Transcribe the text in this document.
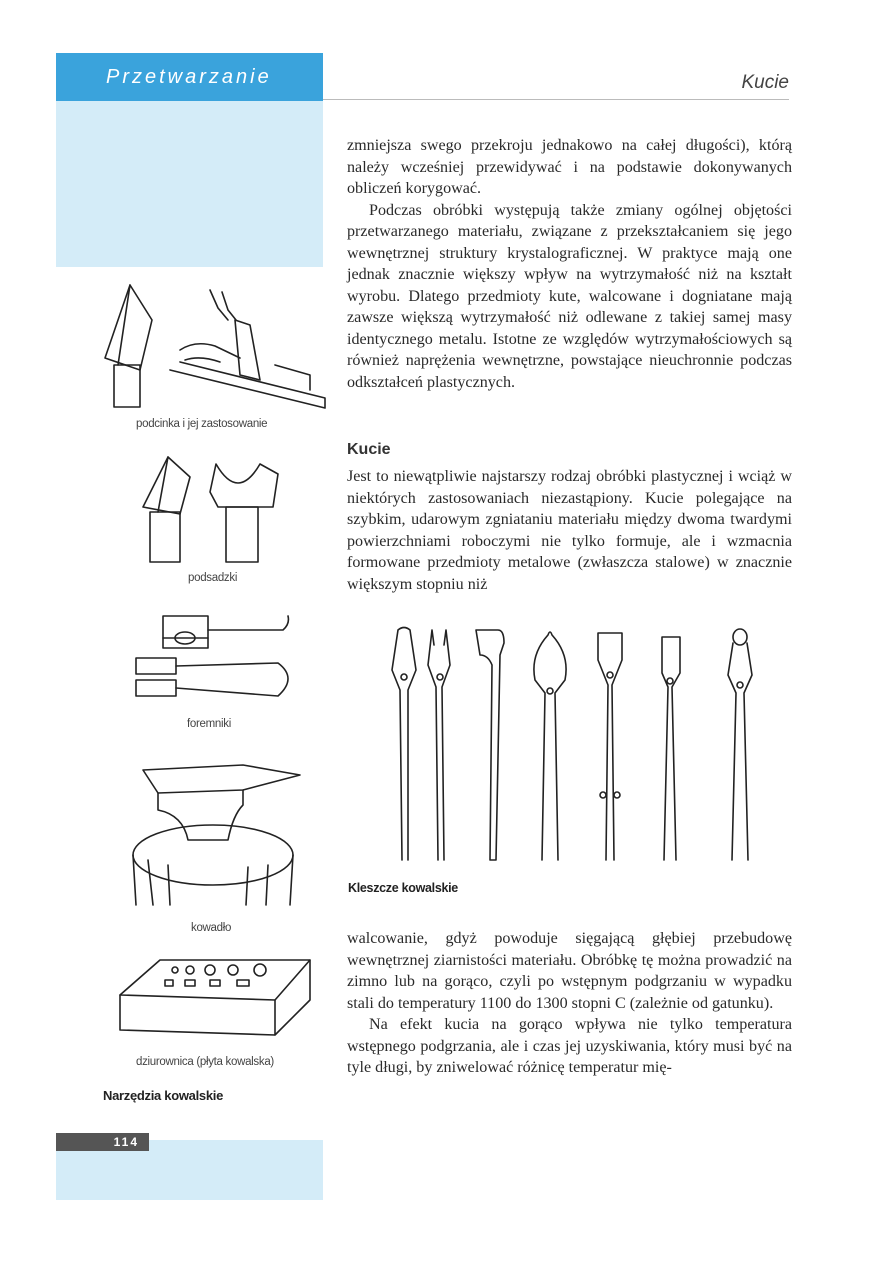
Przetwarzanie	Kucie

zmniejsza swego przekroju jednakowo na całej długości), którą należy wcześniej przewidywać i na podstawie dokonywanych obliczeń korygować.

Podczas obróbki występują także zmiany ogólnej objętości przetwarzanego materiału, związane z przekształcaniem się jego wewnętrznej struktury krystalograficznej. W praktyce mają one jednak znacznie większy wpływ na wytrzymałość niż na kształt wyrobu. Dlatego przedmioty kute, walcowane i dogniatane mają zawsze większą wytrzymałość niż odlewane z takiej samej masy identycznego metalu. Istotne ze względów wytrzymałościowych są również naprężenia wewnętrzne, powstające nieuchronnie podczas odkształceń plastycznych.

Kucie

Jest to niewątpliwie najstarszy rodzaj obróbki plastycznej i wciąż w niektórych zastosowaniach niezastąpiony. Kucie polegające na szybkim, udarowym zgniataniu materiału między dwoma twardymi powierzchniami roboczymi nie tylko formuje, ale i wzmacnia formowane przedmioty metalowe (zwłaszcza stalowe) w znacznie większym stopniu niż

Kleszcze kowalskie

walcowanie, gdyż powoduje sięgającą głębiej przebudowę wewnętrznej ziarnistości materiału. Obróbkę tę można prowadzić na zimno lub na gorąco, czyli po wstępnym podgrzaniu w wypadku stali do temperatury 1100 do 1300 stopni C (zależnie od gatunku).

Na efekt kucia na gorąco wpływa nie tylko temperatura wstępnego podgrzania, ale i czas jej uzyskiwania, który musi być na tyle długi, by zniwelować różnicę temperatur mię-

podcinka i jej zastosowanie
podsadzki
foremniki
kowadło
dziurownica (płyta kowalska)
Narzędzia kowalskie
114
